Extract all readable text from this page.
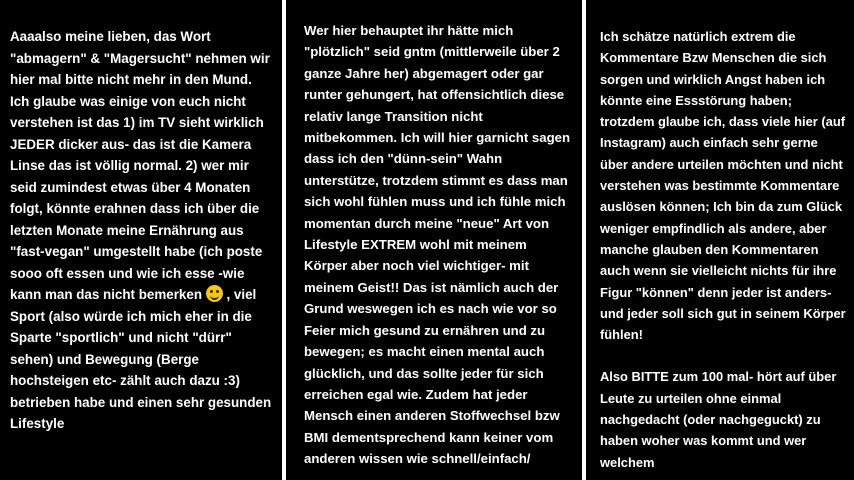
Aaaalso meine lieben, das Wort "abmagern" & "Magersucht" nehmen wir hier mal bitte nicht mehr in den Mund. Ich glaube was einige von euch nicht verstehen ist das 1) im TV sieht wirklich JEDER dicker aus- das ist die Kamera Linse das ist völlig normal. 2) wer mir seid zumindest etwas über 4 Monaten folgt, könnte erahnen dass ich über die letzten Monate meine Ernährung aus "fast-vegan" umgestellt habe (ich poste sooo oft essen und wie ich esse -wie kann man das nicht bemerken  , viel Sport (also würde ich mich eher in die Sparte "sportlich" und nicht "dürr" sehen) und Bewegung (Berge hochsteigen etc- zählt auch dazu :3) betrieben habe und einen sehr gesunden Lifestyle

Wer hier behauptet ihr hätte mich "plötzlich" seid gntm (mittlerweile über 2 ganze Jahre her) abgemagert oder gar runter gehungert, hat offensichtlich diese relativ lange Transition nicht mitbekommen. Ich will hier garnicht sagen dass ich den "dünn-sein" Wahn unterstütze, trotzdem stimmt es dass man sich wohl fühlen muss und ich fühle mich momentan durch meine "neue" Art von Lifestyle EXTREM wohl mit meinem Körper aber noch viel wichtiger- mit meinem Geist!! Das ist nämlich auch der Grund weswegen ich es nach wie vor so Feier mich gesund zu ernähren und zu bewegen; es macht einen mental auch glücklich, und das sollte jeder für sich erreichen egal wie. Zudem hat jeder Mensch einen anderen Stoffwechsel bzw BMI dementsprechend kann keiner vom anderen wissen wie schnell/einfach/

Ich schätze natürlich extrem die Kommentare Bzw Menschen die sich sorgen und wirklich Angst haben ich könnte eine Essstörung haben; trotzdem glaube ich, dass viele hier (auf Instagram) auch einfach sehr gerne über andere urteilen möchten und nicht verstehen was bestimmte Kommentare auslösen können; Ich bin da zum Glück weniger empfindlich als andere, aber manche glauben den Kommentaren auch wenn sie vielleicht nichts für ihre Figur "können" denn jeder ist anders- und jeder soll sich gut in seinem Körper fühlen!

Also BITTE zum 100 mal- hört auf über Leute zu urteilen ohne einmal nachgedacht (oder nachgeguckt) zu haben woher was kommt und wer welchem
